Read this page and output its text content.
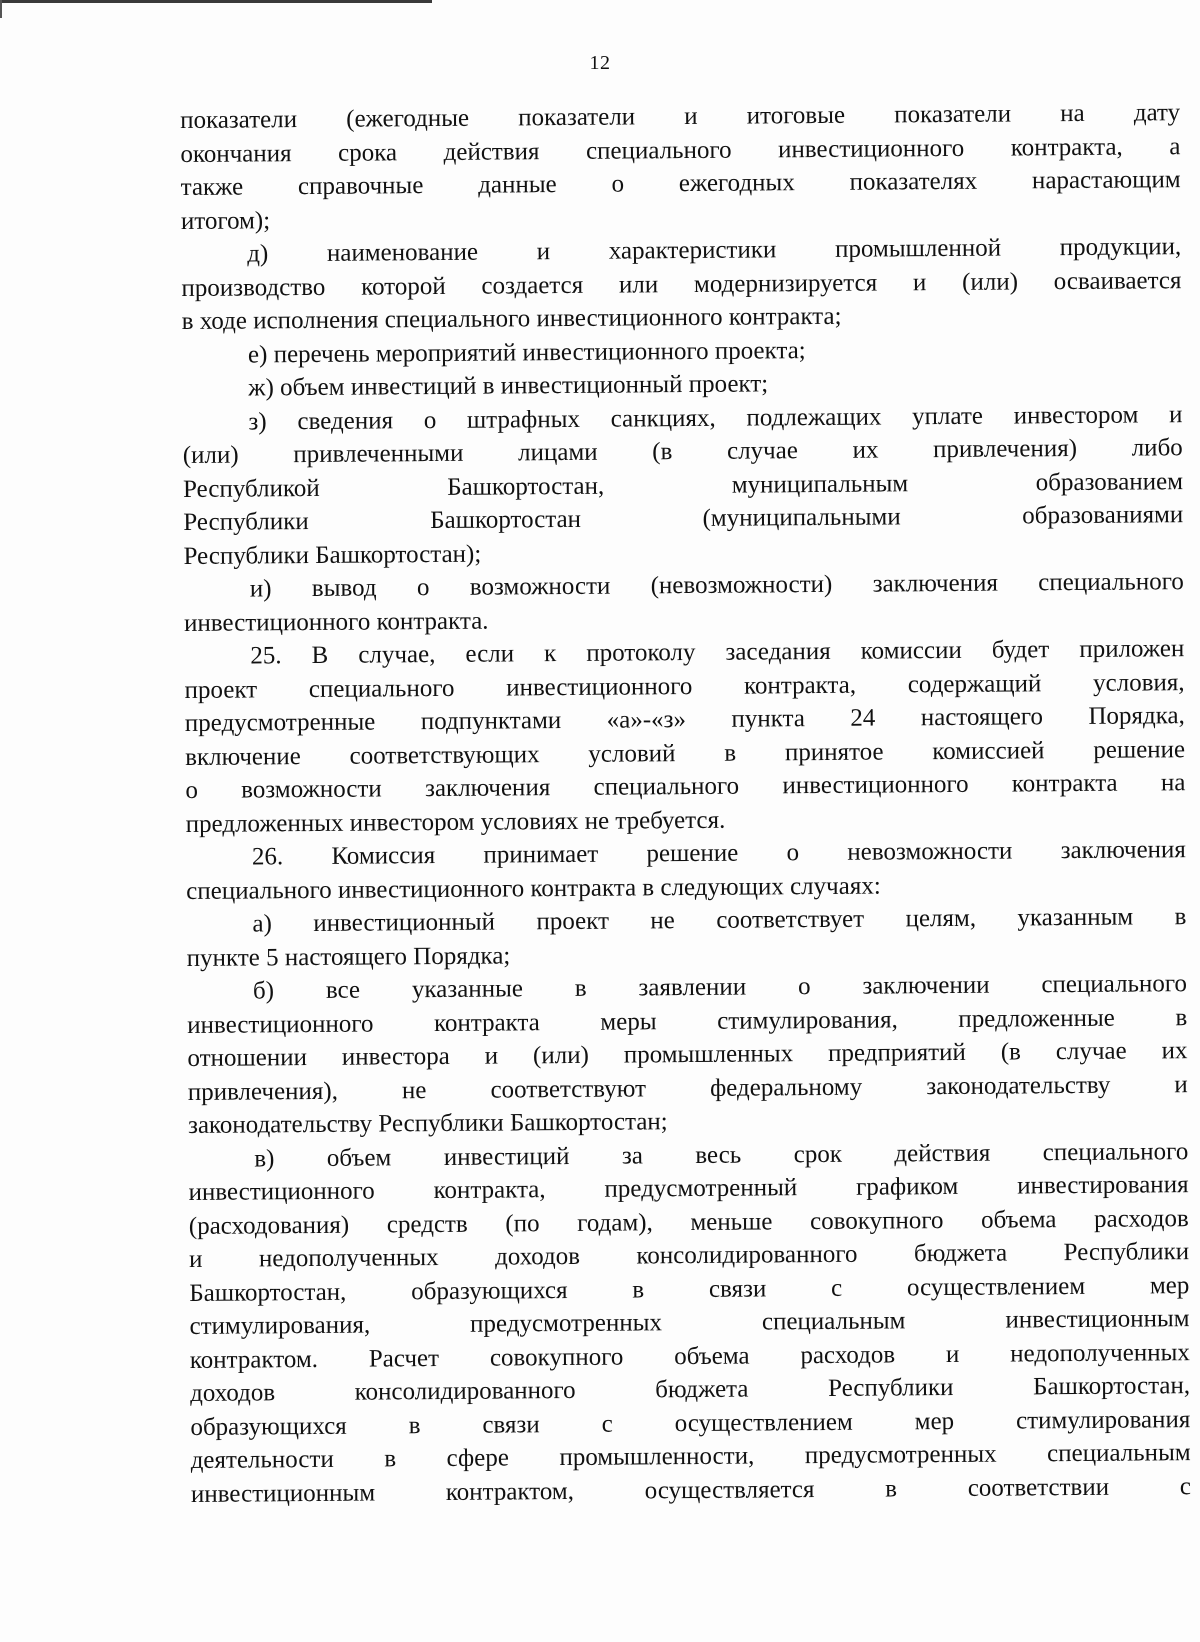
12
показатели (ежегодные показатели и итоговые показатели на дату
окончания срока действия специального инвестиционного контракта, а
также справочные данные о ежегодных показателях нарастающим
итогом);
д) наименование и характеристики промышленной продукции,
производство которой создается или модернизируется и (или) осваивается
в ходе исполнения специального инвестиционного контракта;
е) перечень мероприятий инвестиционного проекта;
ж) объем инвестиций в инвестиционный проект;
з) сведения о штрафных санкциях, подлежащих уплате инвестором и
(или) привлеченными лицами (в случае их привлечения) либо
Республикой Башкортостан, муниципальным образованием
Республики Башкортостан (муниципальными образованиями
Республики Башкортостан);
и) вывод о возможности (невозможности) заключения специального
инвестиционного контракта.
25. В случае, если к протоколу заседания комиссии будет приложен
проект специального инвестиционного контракта, содержащий условия,
предусмотренные подпунктами «а»-«з» пункта 24 настоящего Порядка,
включение соответствующих условий в принятое комиссией решение
о возможности заключения специального инвестиционного контракта на
предложенных инвестором условиях не требуется.
26. Комиссия принимает решение о невозможности заключения
специального инвестиционного контракта в следующих случаях:
а) инвестиционный проект не соответствует целям, указанным в
пункте 5 настоящего Порядка;
б) все указанные в заявлении о заключении специального
инвестиционного контракта меры стимулирования, предложенные в
отношении инвестора и (или) промышленных предприятий (в случае их
привлечения), не соответствуют федеральному законодательству и
законодательству Республики Башкортостан;
в) объем инвестиций за весь срок действия специального
инвестиционного контракта, предусмотренный графиком инвестирования
(расходования) средств (по годам), меньше совокупного объема расходов
и недополученных доходов консолидированного бюджета Республики
Башкортостан, образующихся в связи с осуществлением мер
стимулирования, предусмотренных специальным инвестиционным
контрактом. Расчет совокупного объема расходов и недополученных
доходов консолидированного бюджета Республики Башкортостан,
образующихся в связи с осуществлением мер стимулирования
деятельности в сфере промышленности, предусмотренных специальным
инвестиционным контрактом, осуществляется в соответствии с
